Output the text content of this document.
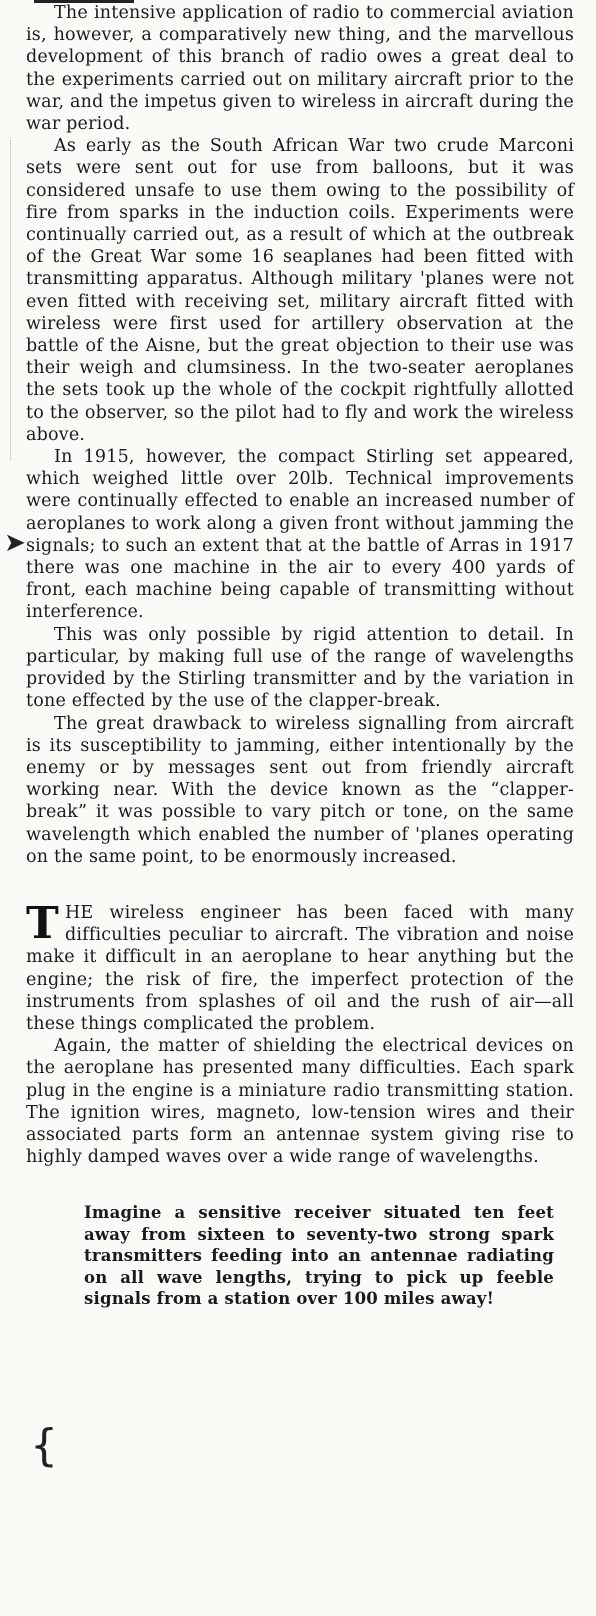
➤
{

The intensive application of radio to commercial aviation is, however, a comparatively new thing, and the marvellous development of this branch of radio owes a great deal to the experiments carried out on military aircraft prior to the war, and the impetus given to wireless in aircraft during the war period.

As early as the South African War two crude Marconi sets were sent out for use from balloons, but it was considered unsafe to use them owing to the possibility of fire from sparks in the induction coils. Experiments were continually carried out, as a result of which at the outbreak of the Great War some 16 seaplanes had been fitted with transmitting apparatus. Although military 'planes were not even fitted with receiving set, military aircraft fitted with wireless were first used for artillery observation at the battle of the Aisne, but the great objection to their use was their weigh and clumsiness. In the two-seater aeroplanes the sets took up the whole of the cockpit rightfully allotted to the observer, so the pilot had to fly and work the wireless above.

In 1915, however, the compact Stirling set appeared, which weighed little over 20lb. Technical improvements were continually effected to enable an increased number of aeroplanes to work along a given front without jamming the signals; to such an extent that at the battle of Arras in 1917 there was one machine in the air to every 400 yards of front, each machine being capable of transmitting without interference.

This was only possible by rigid attention to detail. In particular, by making full use of the range of wavelengths provided by the Stirling transmitter and by the variation in tone effected by the use of the clapper-break.

The great drawback to wireless signalling from aircraft is its susceptibility to jamming, either intentionally by the enemy or by messages sent out from friendly aircraft working near. With the device known as the “clapper-break” it was possible to vary pitch or tone, on the same wavelength which enabled the number of 'planes operating on the same point, to be enormously increased.

THE wireless engineer has been faced with many difficulties peculiar to aircraft. The vibration and noise make it difficult in an aeroplane to hear anything but the engine; the risk of fire, the imperfect protection of the instruments from splashes of oil and the rush of air—all these things complicated the problem.

Again, the matter of shielding the electrical devices on the aeroplane has presented many difficulties. Each spark plug in the engine is a miniature radio transmitting station. The ignition wires, magneto, low-tension wires and their associated parts form an antennae system giving rise to highly damped waves over a wide range of wavelengths.

Imagine a sensitive receiver situated ten feet away from sixteen to seventy-two strong spark transmitters feeding into an antennae radiating on all wave lengths, trying to pick up feeble signals from a station over 100 miles away!
